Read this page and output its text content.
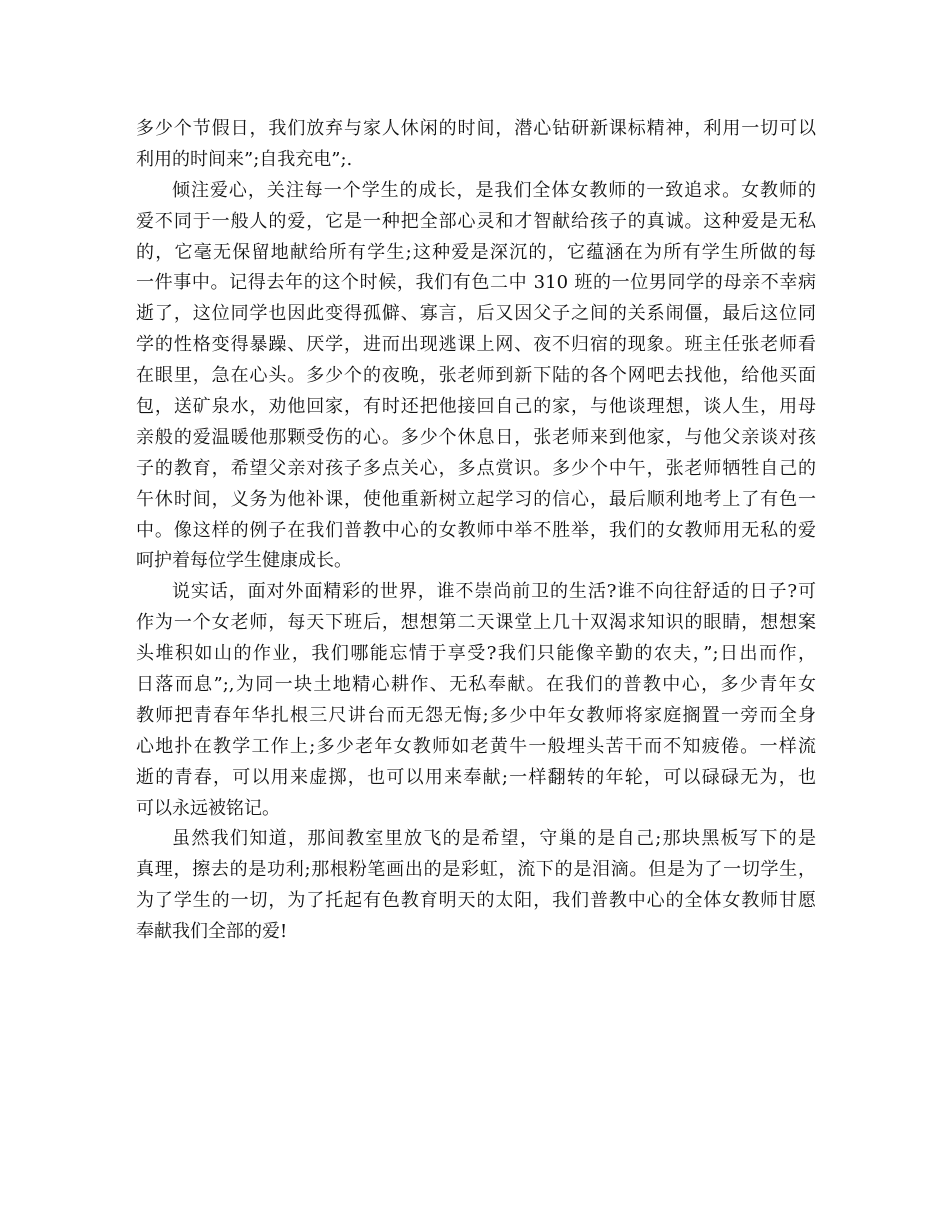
多少个节假日，我们放弃与家人休闲的时间，潜心钻研新课标精神，利用一切可以
利用的时间来”;自我充电”;.
倾注爱心，关注每一个学生的成长，是我们全体女教师的一致追求。女教师的
爱不同于一般人的爱，它是一种把全部心灵和才智献给孩子的真诚。这种爱是无私
的，它毫无保留地献给所有学生;这种爱是深沉的，它蕴涵在为所有学生所做的每
一件事中。记得去年的这个时候，我们有色二中 310 班的一位男同学的母亲不幸病
逝了，这位同学也因此变得孤僻、寡言，后又因父子之间的关系闹僵，最后这位同
学的性格变得暴躁、厌学，进而出现逃课上网、夜不归宿的现象。班主任张老师看
在眼里，急在心头。多少个的夜晚，张老师到新下陆的各个网吧去找他，给他买面
包，送矿泉水，劝他回家，有时还把他接回自己的家，与他谈理想，谈人生，用母
亲般的爱温暖他那颗受伤的心。多少个休息日，张老师来到他家，与他父亲谈对孩
子的教育，希望父亲对孩子多点关心，多点赏识。多少个中午，张老师牺牲自己的
午休时间，义务为他补课，使他重新树立起学习的信心，最后顺利地考上了有色一
中。像这样的例子在我们普教中心的女教师中举不胜举，我们的女教师用无私的爱
呵护着每位学生健康成长。
说实话，面对外面精彩的世界，谁不崇尚前卫的生活?谁不向往舒适的日子?可
作为一个女老师，每天下班后，想想第二天课堂上几十双渴求知识的眼睛，想想案
头堆积如山的作业，我们哪能忘情于享受?我们只能像辛勤的农夫，”;日出而作，
日落而息”;,为同一块土地精心耕作、无私奉献。在我们的普教中心，多少青年女
教师把青春年华扎根三尺讲台而无怨无悔;多少中年女教师将家庭搁置一旁而全身
心地扑在教学工作上;多少老年女教师如老黄牛一般埋头苦干而不知疲倦。一样流
逝的青春，可以用来虚掷，也可以用来奉献;一样翻转的年轮，可以碌碌无为，也
可以永远被铭记。
虽然我们知道，那间教室里放飞的是希望，守巢的是自己;那块黑板写下的是
真理，擦去的是功利;那根粉笔画出的是彩虹，流下的是泪滴。但是为了一切学生，
为了学生的一切，为了托起有色教育明天的太阳，我们普教中心的全体女教师甘愿
奉献我们全部的爱!
